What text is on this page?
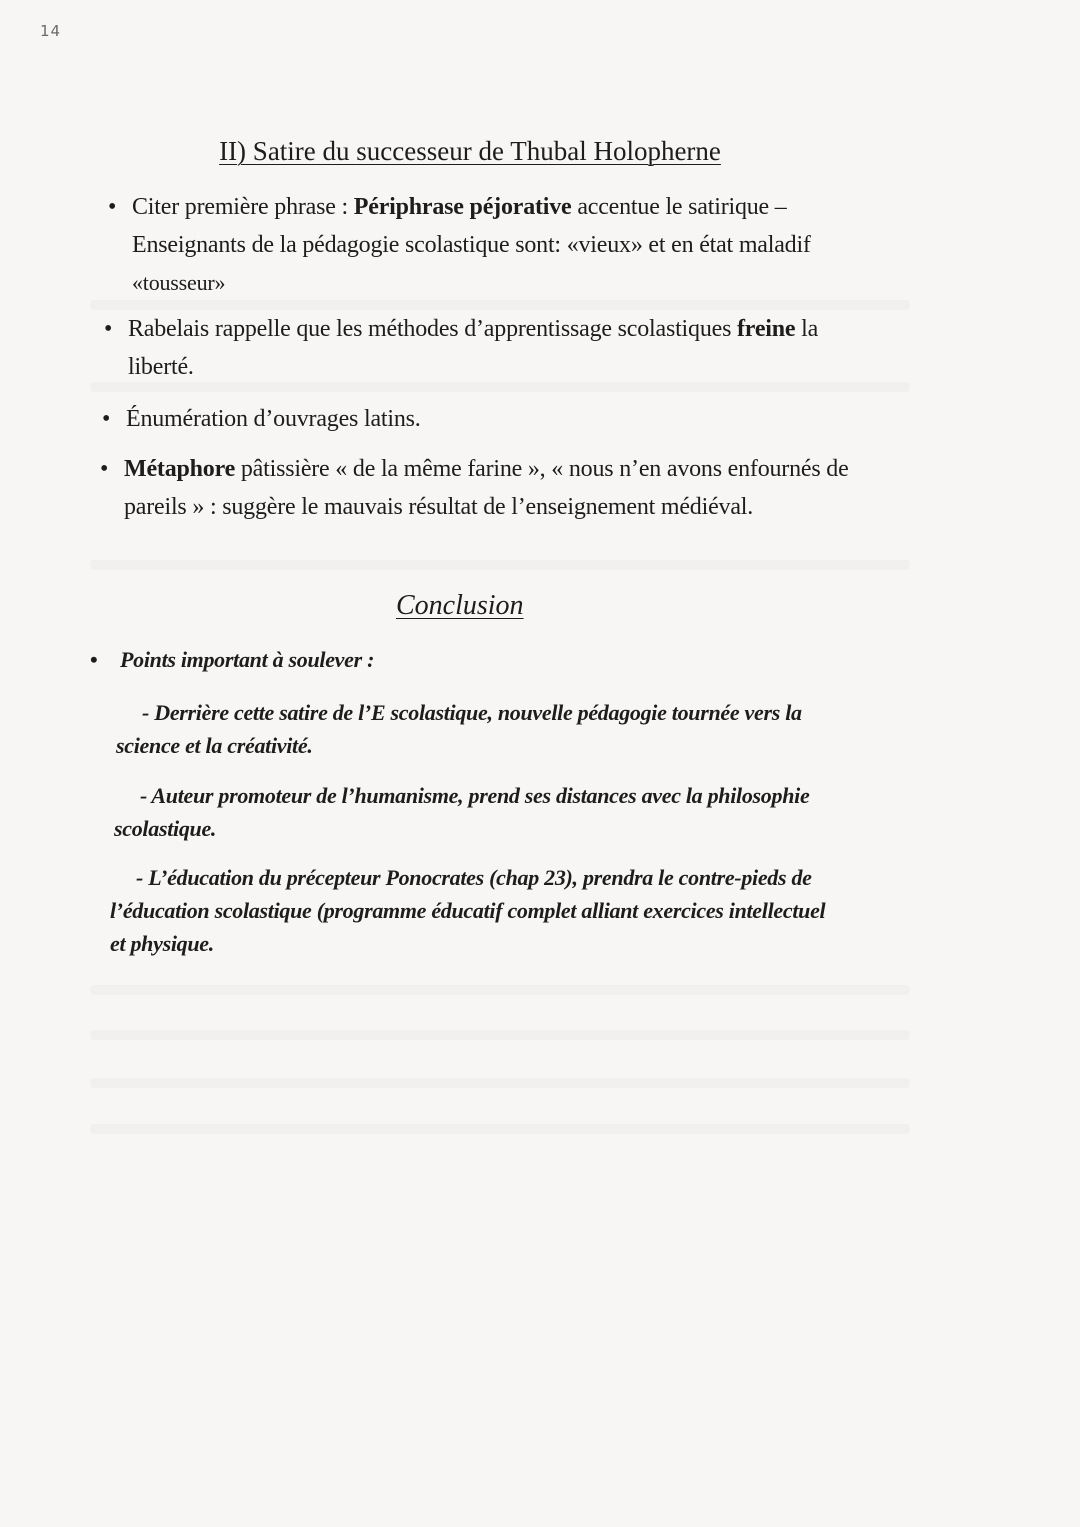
14
II) Satire du successeur de Thubal Holopherne
• Citer première phrase : Périphrase péjorative accentue le satirique –
Enseignants de la pédagogie scolastique sont: «vieux» et en état maladif
«tousseur»
• Rabelais rappelle que les méthodes d’apprentissage scolastiques freine la
liberté.
• Énumération d’ouvrages latins.
• Métaphore pâtissière « de la même farine », « nous n’en avons enfournés de
pareils » : suggère le mauvais résultat de l’enseignement médiéval.
Conclusion
• Points important à soulever :
- Derrière cette satire de l’E scolastique, nouvelle pédagogie tournée vers la
science et la créativité.
- Auteur promoteur de l’humanisme, prend ses distances avec la philosophie
scolastique.
- L’éducation du précepteur Ponocrates (chap 23), prendra le contre-pieds de
l’éducation scolastique (programme éducatif complet alliant exercices intellectuel
et physique.
